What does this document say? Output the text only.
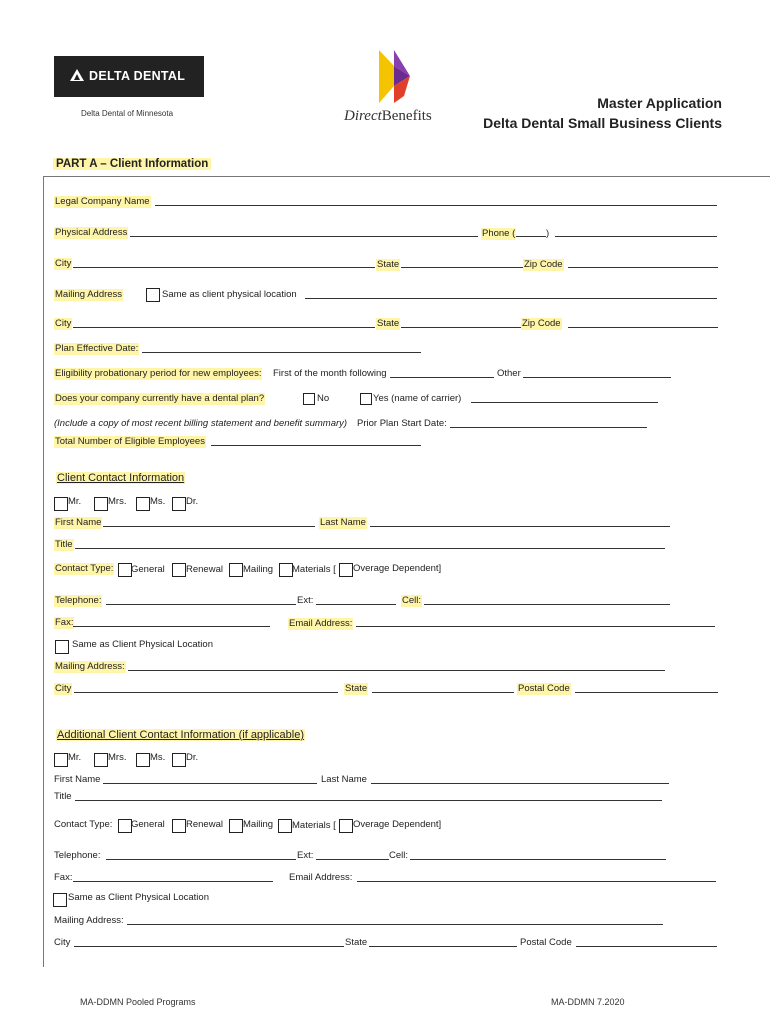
DELTA DENTAL
Delta Dental of Minnesota	DirectBenefits
Master Application
Delta Dental Small Business Clients
PART A – Client Information
Legal Company Name
Physical Address	Phone (	)
City	State	Zip Code
Mailing Address	Same as client physical location
City	State	Zip Code
Plan Effective Date:
Eligibility probationary period for new employees: First of the month following	Other
Does your company currently have a dental plan?	No	Yes (name of carrier)
(Include a copy of most recent billing statement and benefit summary) Prior Plan Start Date:
Total Number of Eligible Employees
Client Contact Information
Mr.	Mrs. Ms. Dr.
First Name	Last Name
Title
Contact Type: General Renewal Mailing Materials [ Overage Dependent]
Telephone:	Ext:	Cell:
Fax:	Email Address:
Same as Client Physical Location
Mailing Address:
City	State	Postal Code
Additional Client Contact Information (if applicable)
Mr.	Mrs. Ms. Dr.
First Name	Last Name
Title
Contact Type: General Renewal Mailing Materials [ Overage Dependent]
Telephone:	Ext:	Cell:
Fax:	Email Address:
Same as Client Physical Location
Mailing Address:
City	State	Postal Code
MA-DDMN Pooled Programs	MA-DDMN 7.2020
